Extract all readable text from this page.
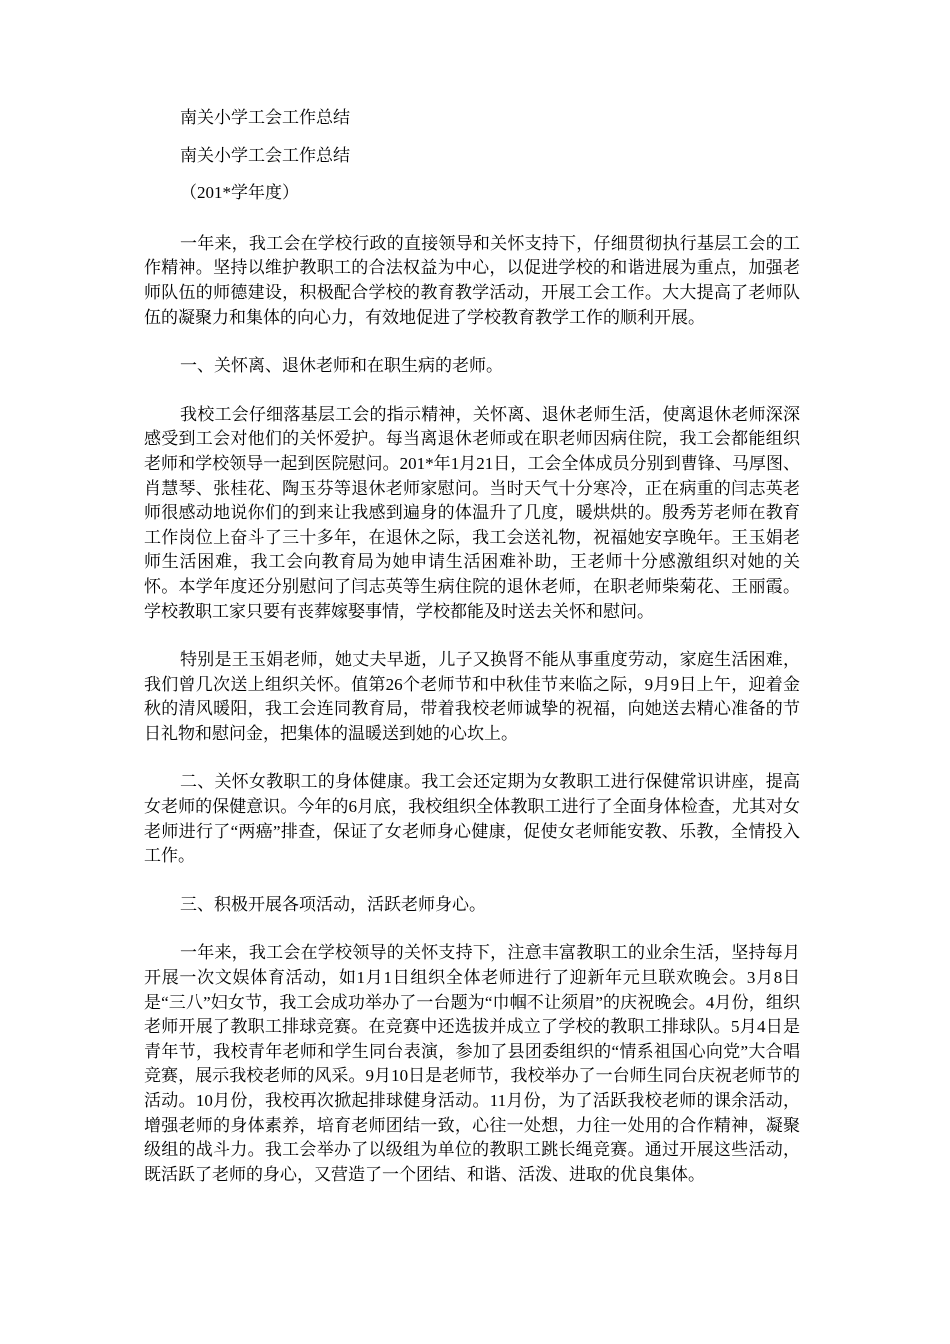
南关小学工会工作总结

南关小学工会工作总结

（201*学年度）

一年来，我工会在学校行政的直接领导和关怀支持下，仔细贯彻执行基层工会的工作精神。坚持以维护教职工的合法权益为中心，以促进学校的和谐进展为重点，加强老师队伍的师德建设，积极配合学校的教育教学活动，开展工会工作。大大提高了老师队伍的凝聚力和集体的向心力，有效地促进了学校教育教学工作的顺利开展。

一、关怀离、退休老师和在职生病的老师。

我校工会仔细落基层工会的指示精神，关怀离、退休老师生活，使离退休老师深深感受到工会对他们的关怀爱护。每当离退休老师或在职老师因病住院，我工会都能组织老师和学校领导一起到医院慰问。201*年1月21日，工会全体成员分别到曹锋、马厚图、肖慧琴、张桂花、陶玉芬等退休老师家慰问。当时天气十分寒冷，正在病重的闫志英老师很感动地说你们的到来让我感到遍身的体温升了几度，暖烘烘的。殷秀芳老师在教育工作岗位上奋斗了三十多年，在退休之际，我工会送礼物，祝福她安享晚年。王玉娟老师生活困难，我工会向教育局为她申请生活困难补助，王老师十分感激组织对她的关怀。本学年度还分别慰问了闫志英等生病住院的退休老师，在职老师柴菊花、王丽霞。学校教职工家只要有丧葬嫁娶事情，学校都能及时送去关怀和慰问。

特别是王玉娟老师，她丈夫早逝，儿子又换肾不能从事重度劳动，家庭生活困难，我们曾几次送上组织关怀。值第26个老师节和中秋佳节来临之际，9月9日上午，迎着金秋的清风暖阳，我工会连同教育局，带着我校老师诚挚的祝福，向她送去精心准备的节日礼物和慰问金，把集体的温暖送到她的心坎上。

二、关怀女教职工的身体健康。我工会还定期为女教职工进行保健常识讲座，提高女老师的保健意识。今年的6月底，我校组织全体教职工进行了全面身体检查，尤其对女老师进行了“两癌”排查，保证了女老师身心健康，促使女老师能安教、乐教，全情投入工作。

三、积极开展各项活动，活跃老师身心。

一年来，我工会在学校领导的关怀支持下，注意丰富教职工的业余生活，坚持每月开展一次文娱体育活动，如1月1日组织全体老师进行了迎新年元旦联欢晚会。3月8日是“三八”妇女节，我工会成功举办了一台题为“巾帼不让须眉”的庆祝晚会。4月份，组织老师开展了教职工排球竞赛。在竞赛中还选拔并成立了学校的教职工排球队。5月4日是青年节，我校青年老师和学生同台表演，参加了县团委组织的“情系祖国心向党”大合唱竞赛，展示我校老师的风采。9月10日是老师节，我校举办了一台师生同台庆祝老师节的活动。10月份，我校再次掀起排球健身活动。11月份，为了活跃我校老师的课余活动，增强老师的身体素养，培育老师团结一致，心往一处想，力往一处用的合作精神，凝聚级组的战斗力。我工会举办了以级组为单位的教职工跳长绳竞赛。通过开展这些活动，既活跃了老师的身心，又营造了一个团结、和谐、活泼、进取的优良集体。
